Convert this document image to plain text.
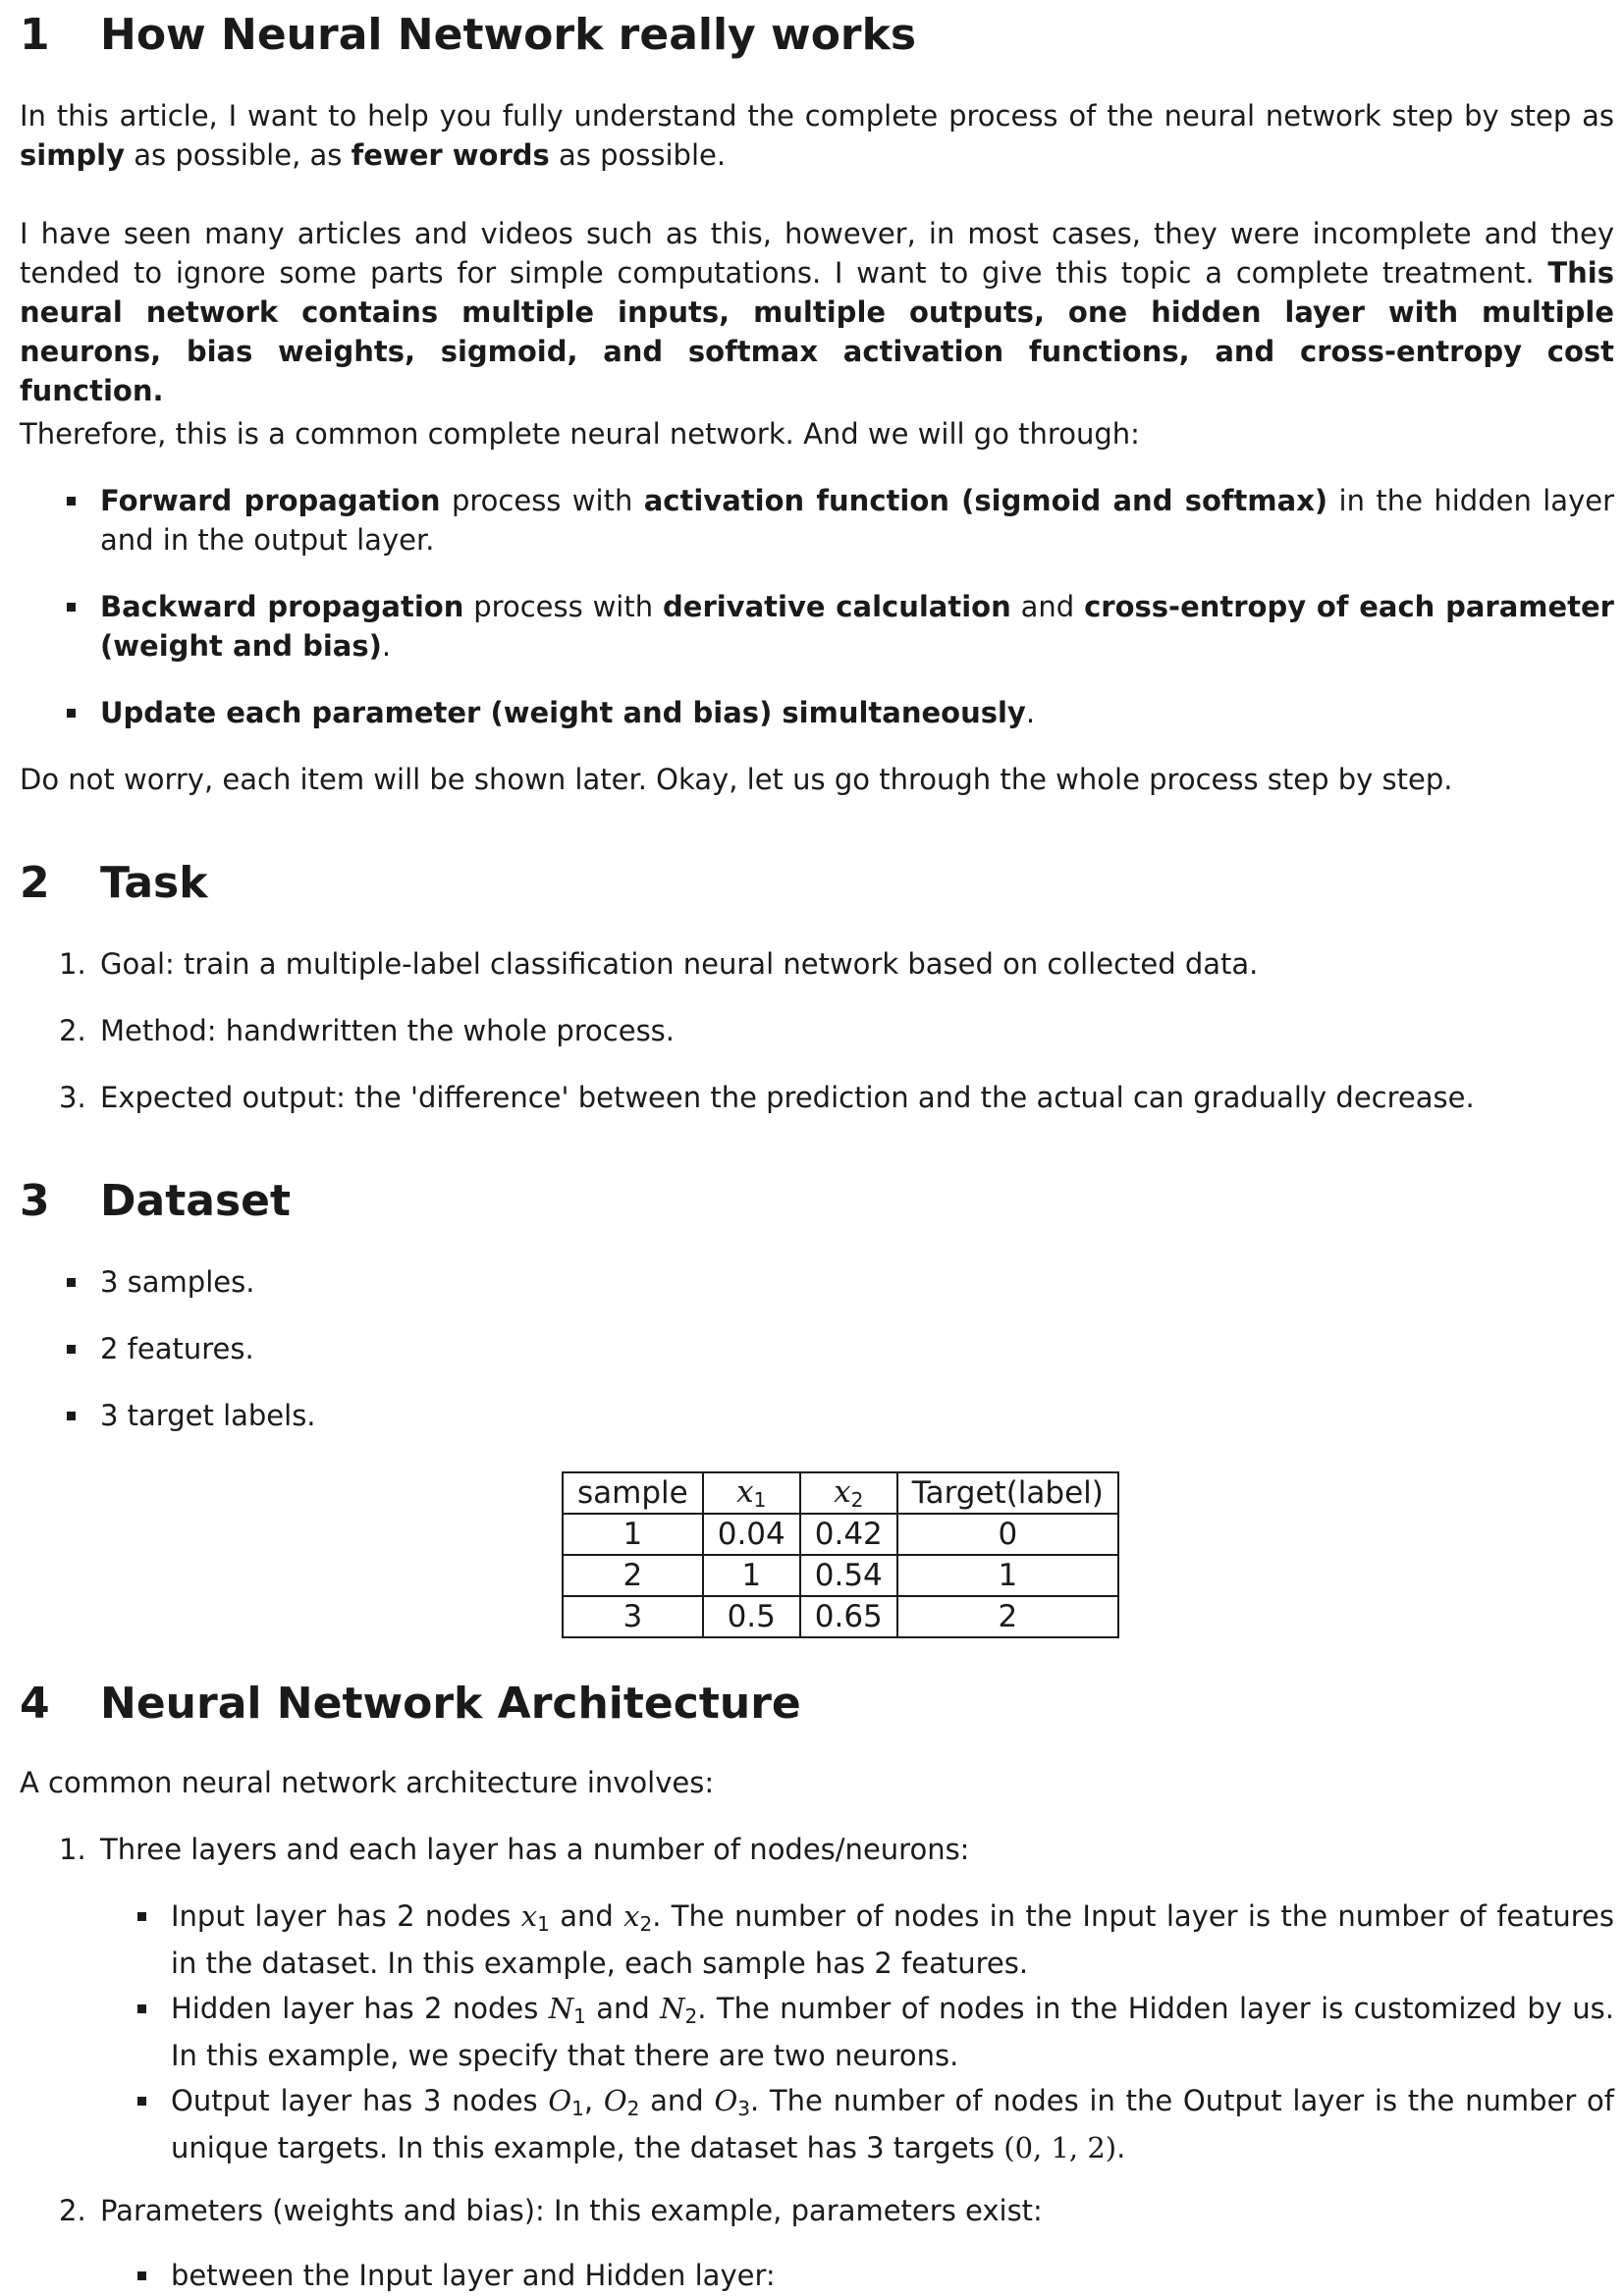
1 How Neural Network really works

In this article, I want to help you fully understand the complete process of the neural network step by step as simply as possible, as fewer words as possible.

I have seen many articles and videos such as this, however, in most cases, they were incomplete and they tended to ignore some parts for simple computations. I want to give this topic a complete treatment. This neural network contains multiple inputs, multiple outputs, one hidden layer with multiple neurons, bias weights, sigmoid, and softmax activation functions, and cross-entropy cost function.

Therefore, this is a common complete neural network. And we will go through:

Forward propagation process with activation function (sigmoid and softmax) in the hidden layer and in the output layer.
Backward propagation process with derivative calculation and cross-entropy of each parameter (weight and bias).
Update each parameter (weight and bias) simultaneously.

Do not worry, each item will be shown later. Okay, let us go through the whole process step by step.

2 Task
1. Goal: train a multiple-label classification neural network based on collected data.
2. Method: handwritten the whole process.
3. Expected output: the 'difference' between the prediction and the actual can gradually decrease.
3 Dataset
3 samples.
2 features.
3 target labels.
sample	$x_1$	$x_2$	Target(label)
1	0.04	0.42	0
2	1	0.54	1
3	0.5	0.65	2
4 Neural Network Architecture

A common neural network architecture involves:

1. Three layers and each layer has a number of nodes/neurons:
Input layer has 2 nodes $x_1$ and $x_2$. The number of nodes in the Input layer is the number of features in the dataset. In this example, each sample has 2 features.
Hidden layer has 2 nodes $N_1$ and $N_2$. The number of nodes in the Hidden layer is customized by us. In this example, we specify that there are two neurons.
Output layer has 3 nodes $O_1$, $O_2$ and $O_3$. The number of nodes in the Output layer is the number of unique targets. In this example, the dataset has 3 targets (0, 1, 2).
2. Parameters (weights and bias): In this example, parameters exist:
between the Input layer and Hidden layer:
